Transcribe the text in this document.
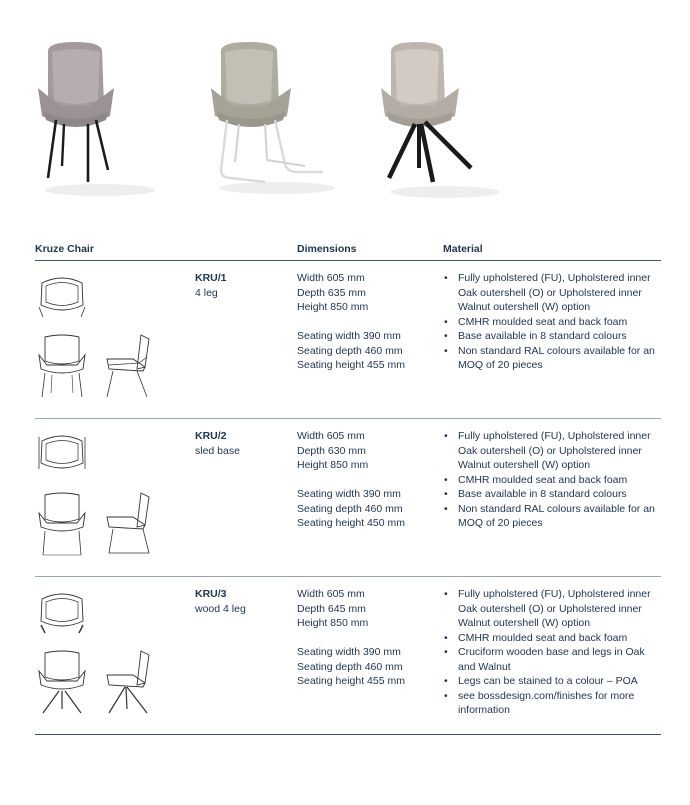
Kruze Chair	Dimensions	Material
KRU/1
4 leg
Width 605 mm
Depth 635 mm
Height 850 mm
Seating width 390 mm
Seating depth 460 mm
Seating height 455 mm
• Fully upholstered (FU), Upholstered inner Oak outershell (O) or Upholstered inner Walnut outershell (W) option
• CMHR moulded seat and back foam
• Base available in 8 standard colours
• Non standard RAL colours available for an MOQ of 20 pieces
KRU/2
sled base
Width 605 mm
Depth 630 mm
Height 850 mm
Seating width 390 mm
Seating depth 460 mm
Seating height 450 mm
• Fully upholstered (FU), Upholstered inner Oak outershell (O) or Upholstered inner Walnut outershell (W) option
• CMHR moulded seat and back foam
• Base available in 8 standard colours
• Non standard RAL colours available for an MOQ of 20 pieces
KRU/3
wood 4 leg
Width 605 mm
Depth 645 mm
Height 850 mm
Seating width 390 mm
Seating depth 460 mm
Seating height 455 mm
• Fully upholstered (FU), Upholstered inner Oak outershell (O) or Upholstered inner Walnut outershell (W) option
• CMHR moulded seat and back foam
• Cruciform wooden base and legs in Oak and Walnut
• Legs can be stained to a colour – POA
• see bossdesign.com/finishes for more information
